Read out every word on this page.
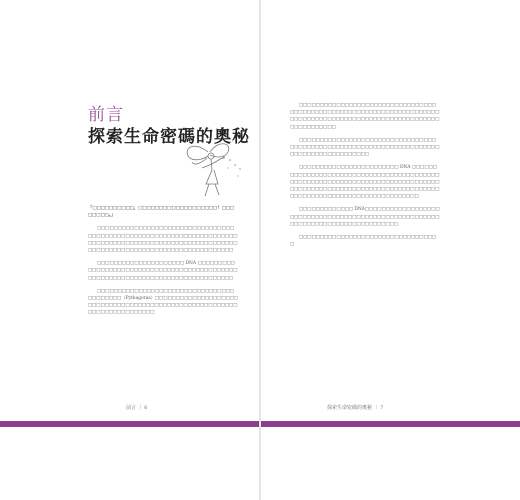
前言
探索生命密碼的奧秘

「□□□□□□□□□□，□□□□□□□□□□□□□□□□□□□！□□□□□□□□。」

□□□□□□□□□□□□□□□□□□□□□□□□□□□□□□□□□□□□□□□□□□□□□□□□□□□□□□□□□□□□□□□□□□□□□□□□□□□□□□□□□□□□□□□□□□□□□□□□□□□□□□□□□□□□□□□□□□□□□□□□□□□□□□□□□□□□□□□□□□□□

□□□□□□□□□□□□□□□□□□□□□ DNA □□□□□□□□□□□□□□□□□□□□□□□□□□□□□□□□□□□□□□□□□□□□□□□□□□□□□□□□□□□□□□□□□□□□□□□□□□□□□□□□

□□□□□□□□□□□□□□□□□□□□□□□□□□□□□□□□□□□□□□□□□（Pythagoras）□□□□□□□□□□□□□□□□□□□□□□□□□□□□□□□□□□□□□□□□□□□□□□□□□□□□□□□□□□□□□□□□□□□□□□□□

前言 ｜ 6

□□□□□□□□□□□□□□□□□□□□□□□□□□□□□□□□□□□□□□□□□□□□□□□□□□□□□□□□□□□□□□□□□□□□□□□□□□□□□□□□□□□□□□□□□□□□□□□□□□□□□□□□□□□□□□□□□□□□

□□□□□□□□□□□□□□□□□□□□□□□□□□□□□□□□□□□□□□□□□□□□□□□□□□□□□□□□□□□□□□□□□□□□□□□□□□□□□□□□□□□□□□□□

□□□□□□□□□□□□□□□□□□□□□□□□ DNA □□□□□□□□□□□□□□□□□□□□□□□□□□□□□□□□□□□□□□□□□□□□□□□□□□□□□□□□□□□□□□□□□□□□□□□□□□□□□□□□□□□□□□□□□□□□□□□□□□□□□□□□□□□□□□□□□□□□□□□□□□□□□□□□□□□□□□□□□□□□□□□□□

□□□□□□□□□□□□□ DNA□□□□□□□□□□□□□□□□□□□□□□□□□□□□□□□□□□□□□□□□□□□□□□□□□□□□□□□□□□□□□□□□□□□□□□□□□□□□□□□□

□□□□□□□□□□□□□□□□□□□□□□□□□□□□□□□□□□

探索生命密碼的奧秘 ｜ 7
